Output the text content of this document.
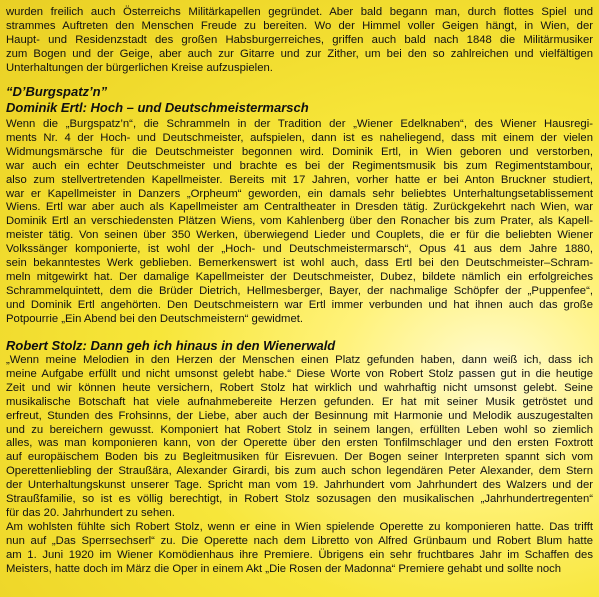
wurden freilich auch Österreichs Militärkapellen gegründet. Aber bald begann man, durch flottes Spiel und
strammes Auftreten den Menschen Freude zu bereiten. Wo der Himmel voller Geigen hängt, in Wien, der
Haupt- und Residenzstadt des großen Habsburgerreiches, griffen auch bald nach 1848 die Militärmusiker
zum Bogen und der Geige, aber auch zur Gitarre und zur Zither, um bei den so zahlreichen und vielfältigen
Unterhaltungen der bürgerlichen Kreise aufzuspielen.
“D’Burgspatz’n”
Dominik Ertl: Hoch – und Deutschmeistermarsch
Wenn die „Burgspatz’n“, die Schrammeln in der Tradition der „Wiener Edelknaben“, des Wiener Hausregi-
ments Nr. 4 der Hoch- und Deutschmeister, aufspielen, dann ist es naheliegend, dass mit einem der vielen
Widmungsmärsche für die Deutschmeister begonnen wird. Dominik Ertl, in Wien geboren und verstorben,
war auch ein echter Deutschmeister und brachte es bei der Regimentsmusik bis zum Regimentstambour,
also zum stellvertretenden Kapellmeister. Bereits mit 17 Jahren, vorher hatte er bei Anton Bruckner studiert,
war er Kapellmeister in Danzers „Orpheum“ geworden, ein damals sehr beliebtes Unterhaltungsetablissement
Wiens. Ertl war aber auch als Kapellmeister am Centraltheater in Dresden tätig. Zurückgekehrt nach Wien, war
Dominik Ertl an verschiedensten Plätzen Wiens, vom Kahlenberg über den Ronacher bis zum Prater, als Kapell-
meister tätig. Von seinen über 350 Werken, überwiegend Lieder und Couplets, die er für die beliebten Wiener
Volkssänger komponierte, ist wohl der „Hoch- und Deutschmeistermarsch“, Opus 41 aus dem Jahre 1880,
sein bekanntestes Werk geblieben. Bemerkenswert ist wohl auch, dass Ertl bei den Deutschmeister–Schram-
meln mitgewirkt hat. Der damalige Kapellmeister der Deutschmeister, Dubez, bildete nämlich ein erfolgreiches
Schrammelquintett, dem die Brüder Dietrich, Hellmesberger, Bayer, der nachmalige Schöpfer der „Puppenfee“,
und Dominik Ertl angehörten. Den Deutschmeistern war Ertl immer verbunden und hat ihnen auch das große
Potpourrie „Ein Abend bei den Deutschmeistern“ gewidmet.
Robert Stolz: Dann geh ich hinaus in den Wienerwald
„Wenn meine Melodien in den Herzen der Menschen einen Platz gefunden haben, dann weiß ich, dass ich
meine Aufgabe erfüllt und nicht umsonst gelebt habe.“ Diese Worte von Robert Stolz passen gut in die heutige
Zeit und wir können heute versichern, Robert Stolz hat wirklich und wahrhaftig nicht umsonst gelebt. Seine
musikalische Botschaft hat viele aufnahmebereite Herzen gefunden. Er hat mit seiner Musik getröstet und
erfreut, Stunden des Frohsinns, der Liebe, aber auch der Besinnung mit Harmonie und Melodik auszugestalten
und zu bereichern gewusst. Komponiert hat Robert Stolz in seinem langen, erfüllten Leben wohl so ziemlich
alles, was man komponieren kann, von der Operette über den ersten Tonfilmschlager und den ersten Foxtrott
auf europäischem Boden bis zu Begleitmusiken für Eisrevuen. Der Bogen seiner Interpreten spannt sich vom
Operettenliebling der Straußära, Alexander Girardi, bis zum auch schon legendären Peter Alexander, dem Stern
der Unterhaltungskunst unserer Tage. Spricht man vom 19. Jahrhundert vom Jahrhundert des Walzers und der
Straußfamilie, so ist es völlig berechtigt, in Robert Stolz sozusagen den musikalischen „Jahrhundertregenten“
für das 20. Jahrhundert zu sehen.
Am wohlsten fühlte sich Robert Stolz, wenn er eine in Wien spielende Operette zu komponieren hatte. Das trifft
nun auf „Das Sperrsechserl“ zu. Die Operette nach dem Libretto von Alfred Grünbaum und Robert Blum hatte
am 1. Juni 1920 im Wiener Komödienhaus ihre Premiere. Übrigens ein sehr fruchtbares Jahr im Schaffen des
Meisters, hatte doch im März die Oper in einem Akt „Die Rosen der Madonna“ Premiere gehabt und sollte noch
